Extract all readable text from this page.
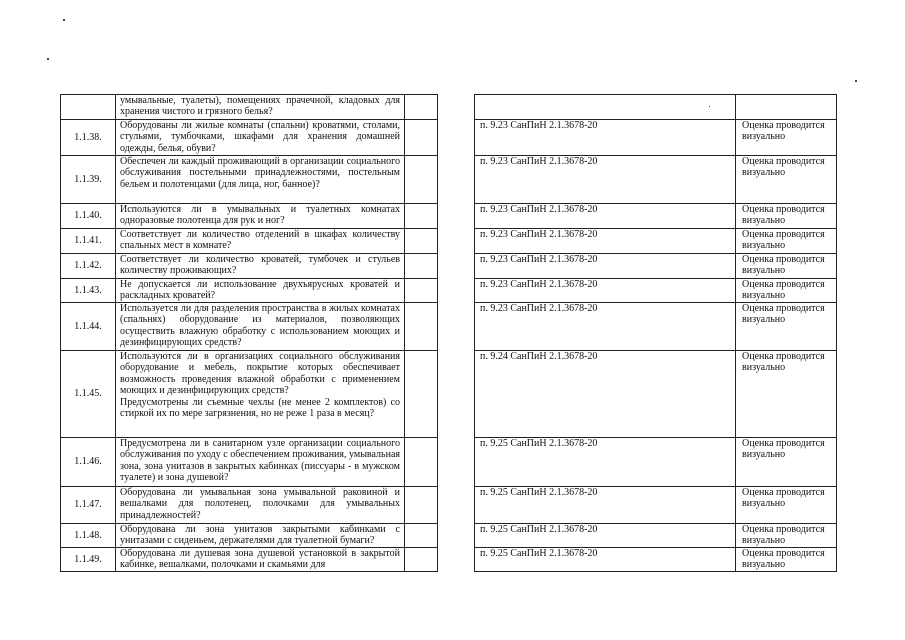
	умывальные, туалеты), помещениях прачечной, кладовых для хранения чистого и грязного белья?				

1.1.38.	Оборудованы ли жилые комнаты (спальни) кроватями, столами, стульями, тумбочками, шкафами для хранения домашней одежды, белья, обуви?			п. 9.23 СанПиН 2.1.3678-20	Оценка проводится визуально
1.1.39.	Обеспечен ли каждый проживающий в организации социального обслуживания постельными принадлежностями, постельным бельем и полотенцами (для лица, ног, банное)?			п. 9.23 СанПиН 2.1.3678-20	Оценка проводится визуально
1.1.40.	Используются ли в умывальных и туалетных комнатах одноразовые полотенца для рук и ног?			п. 9.23 СанПиН 2.1.3678-20	Оценка проводится визуально
1.1.41.	Соответствует ли количество отделений в шкафах количеству спальных мест в комнате?			п. 9.23 СанПиН 2.1.3678-20	Оценка проводится визуально
1.1.42.	Соответствует ли количество кроватей, тумбочек и стульев количеству проживающих?			п. 9.23 СанПиН 2.1.3678-20	Оценка проводится визуально
1.1.43.	Не допускается ли использование двухъярусных кроватей и раскладных кроватей?			п. 9.23 СанПиН 2.1.3678-20	Оценка проводится визуально
1.1.44.	Используется ли для разделения пространства в жилых комнатах (спальнях) оборудование из материалов, позволяющих осуществить влажную обработку с использованием моющих и дезинфицирующих средств?			п. 9.23 СанПиН 2.1.3678-20	Оценка проводится визуально
1.1.45.	Используются ли в организациях социального обслуживания оборудование и мебель, покрытие которых обеспечивает возможность проведения влажной обработки с применением моющих и дезинфицирующих средств?
Предусмотрены ли съемные чехлы (не менее 2 комплектов) со стиркой их по мере загрязнения, но не реже 1 раза в месяц?			п. 9.24 СанПиН 2.1.3678-20	Оценка проводится визуально
1.1.46.	Предусмотрена ли в санитарном узле организации социального обслуживания по уходу с обеспечением проживания, умывальная зона, зона унитазов в закрытых кабинках (писсуары - в мужском туалете) и зона душевой?			п. 9.25 СанПиН 2.1.3678-20	Оценка проводится визуально
1.1.47.	Оборудована ли умывальная зона умывальной раковиной и вешалками для полотенец, полочками для умывальных принадлежностей?			п. 9.25 СанПиН 2.1.3678-20	Оценка проводится визуально
1.1.48.	Оборудована ли зона унитазов закрытыми кабинками с унитазами с сиденьем, держателями для туалетной бумаги?			п. 9.25 СанПиН 2.1.3678-20	Оценка проводится визуально
1.1.49.	Оборудована ли душевая зона душевой установкой в закрытой кабинке, вешалками, полочками и скамьями для			п. 9.25 СанПиН 2.1.3678-20	Оценка проводится визуально
